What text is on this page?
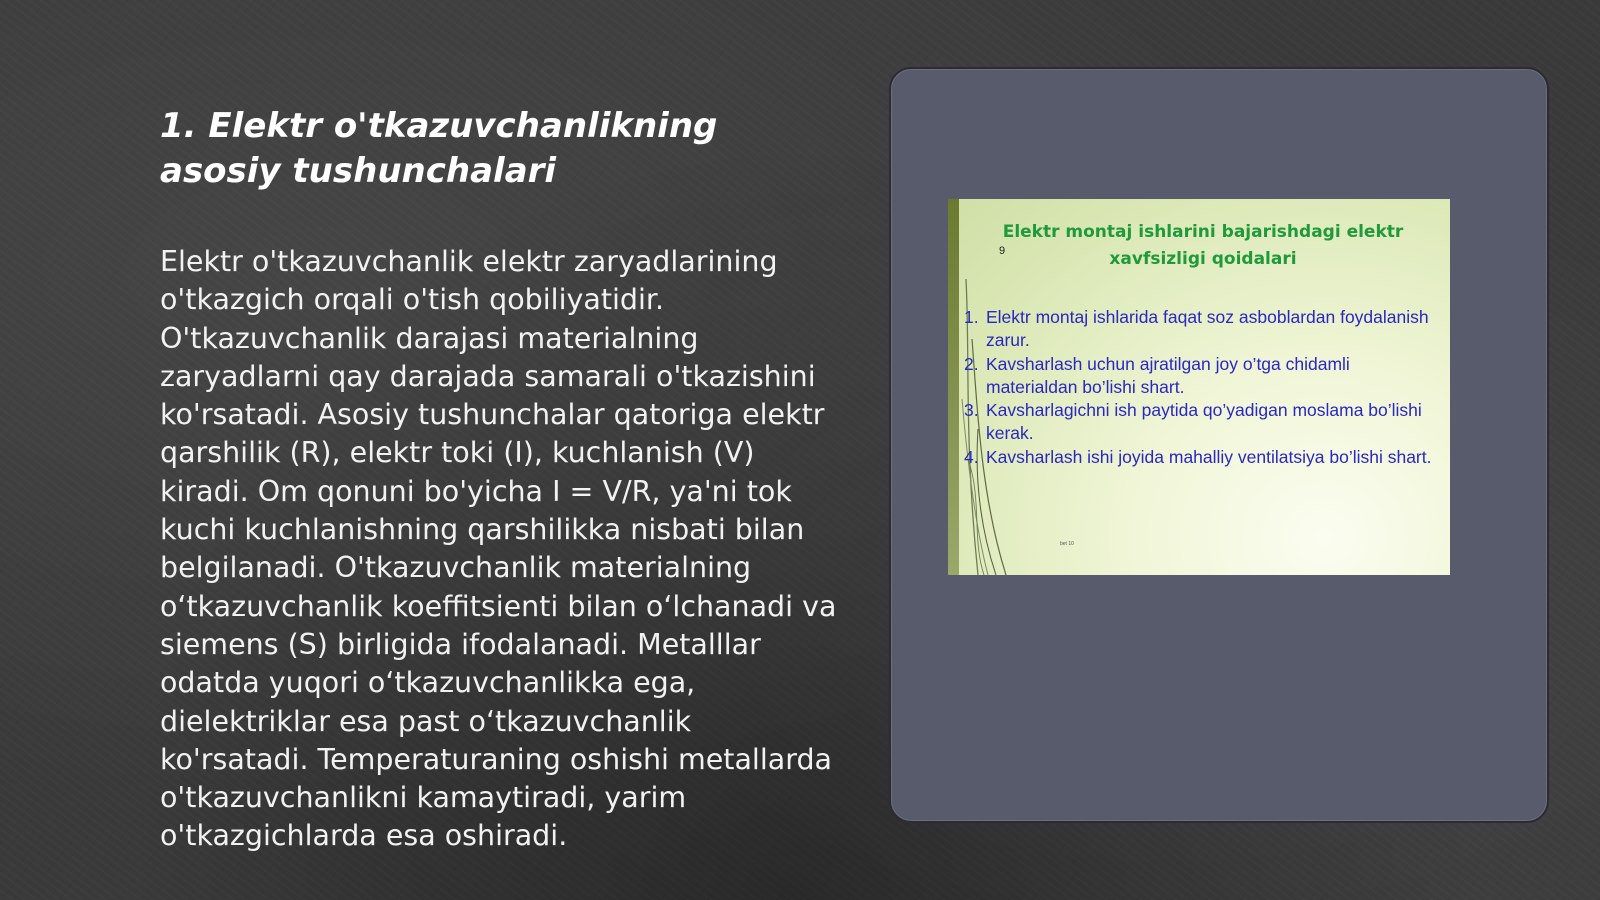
1. Elektr o'tkazuvchanlikning asosiy tushunchalari

Elektr o'tkazuvchanlik elektr zaryadlarining o'tkazgich orqali o'tish qobiliyatidir. O'tkazuvchanlik darajasi materialning zaryadlarni qay darajada samarali o'tkazishini ko'rsatadi. Asosiy tushunchalar qatoriga elektr qarshilik (R), elektr toki (I), kuchlanish (V) kiradi. Om qonuni bo'yicha I = V/R, ya'ni tok kuchi kuchlanishning qarshilikka nisbati bilan belgilanadi. O'tkazuvchanlik materialning o‘tkazuvchanlik koeffitsienti bilan o‘lchanadi va siemens (S) birligida ifodalanadi. Metalllar odatda yuqori o‘tkazuvchanlikka ega, dielektriklar esa past o‘tkazuvchanlik ko'rsatadi. Temperaturaning oshishi metallarda o'tkazuvchanlikni kamaytiradi, yarim o'tkazgichlarda esa oshiradi.

Elektr montaj ishlarini bajarishdagi elektr xavfsizligi qoidalari

9
1. Elektr montaj ishlarida faqat soz asboblardan foydalanish zarur.
2. Kavsharlash uchun ajratilgan joy o’tga chidamli materialdan bo’lishi shart.
3. Kavsharlagichni ish paytida qo’yadigan moslama bo’lishi kerak.
4. Kavsharlash ishi joyida mahalliy ventilatsiya bo’lishi shart.
bet 10
